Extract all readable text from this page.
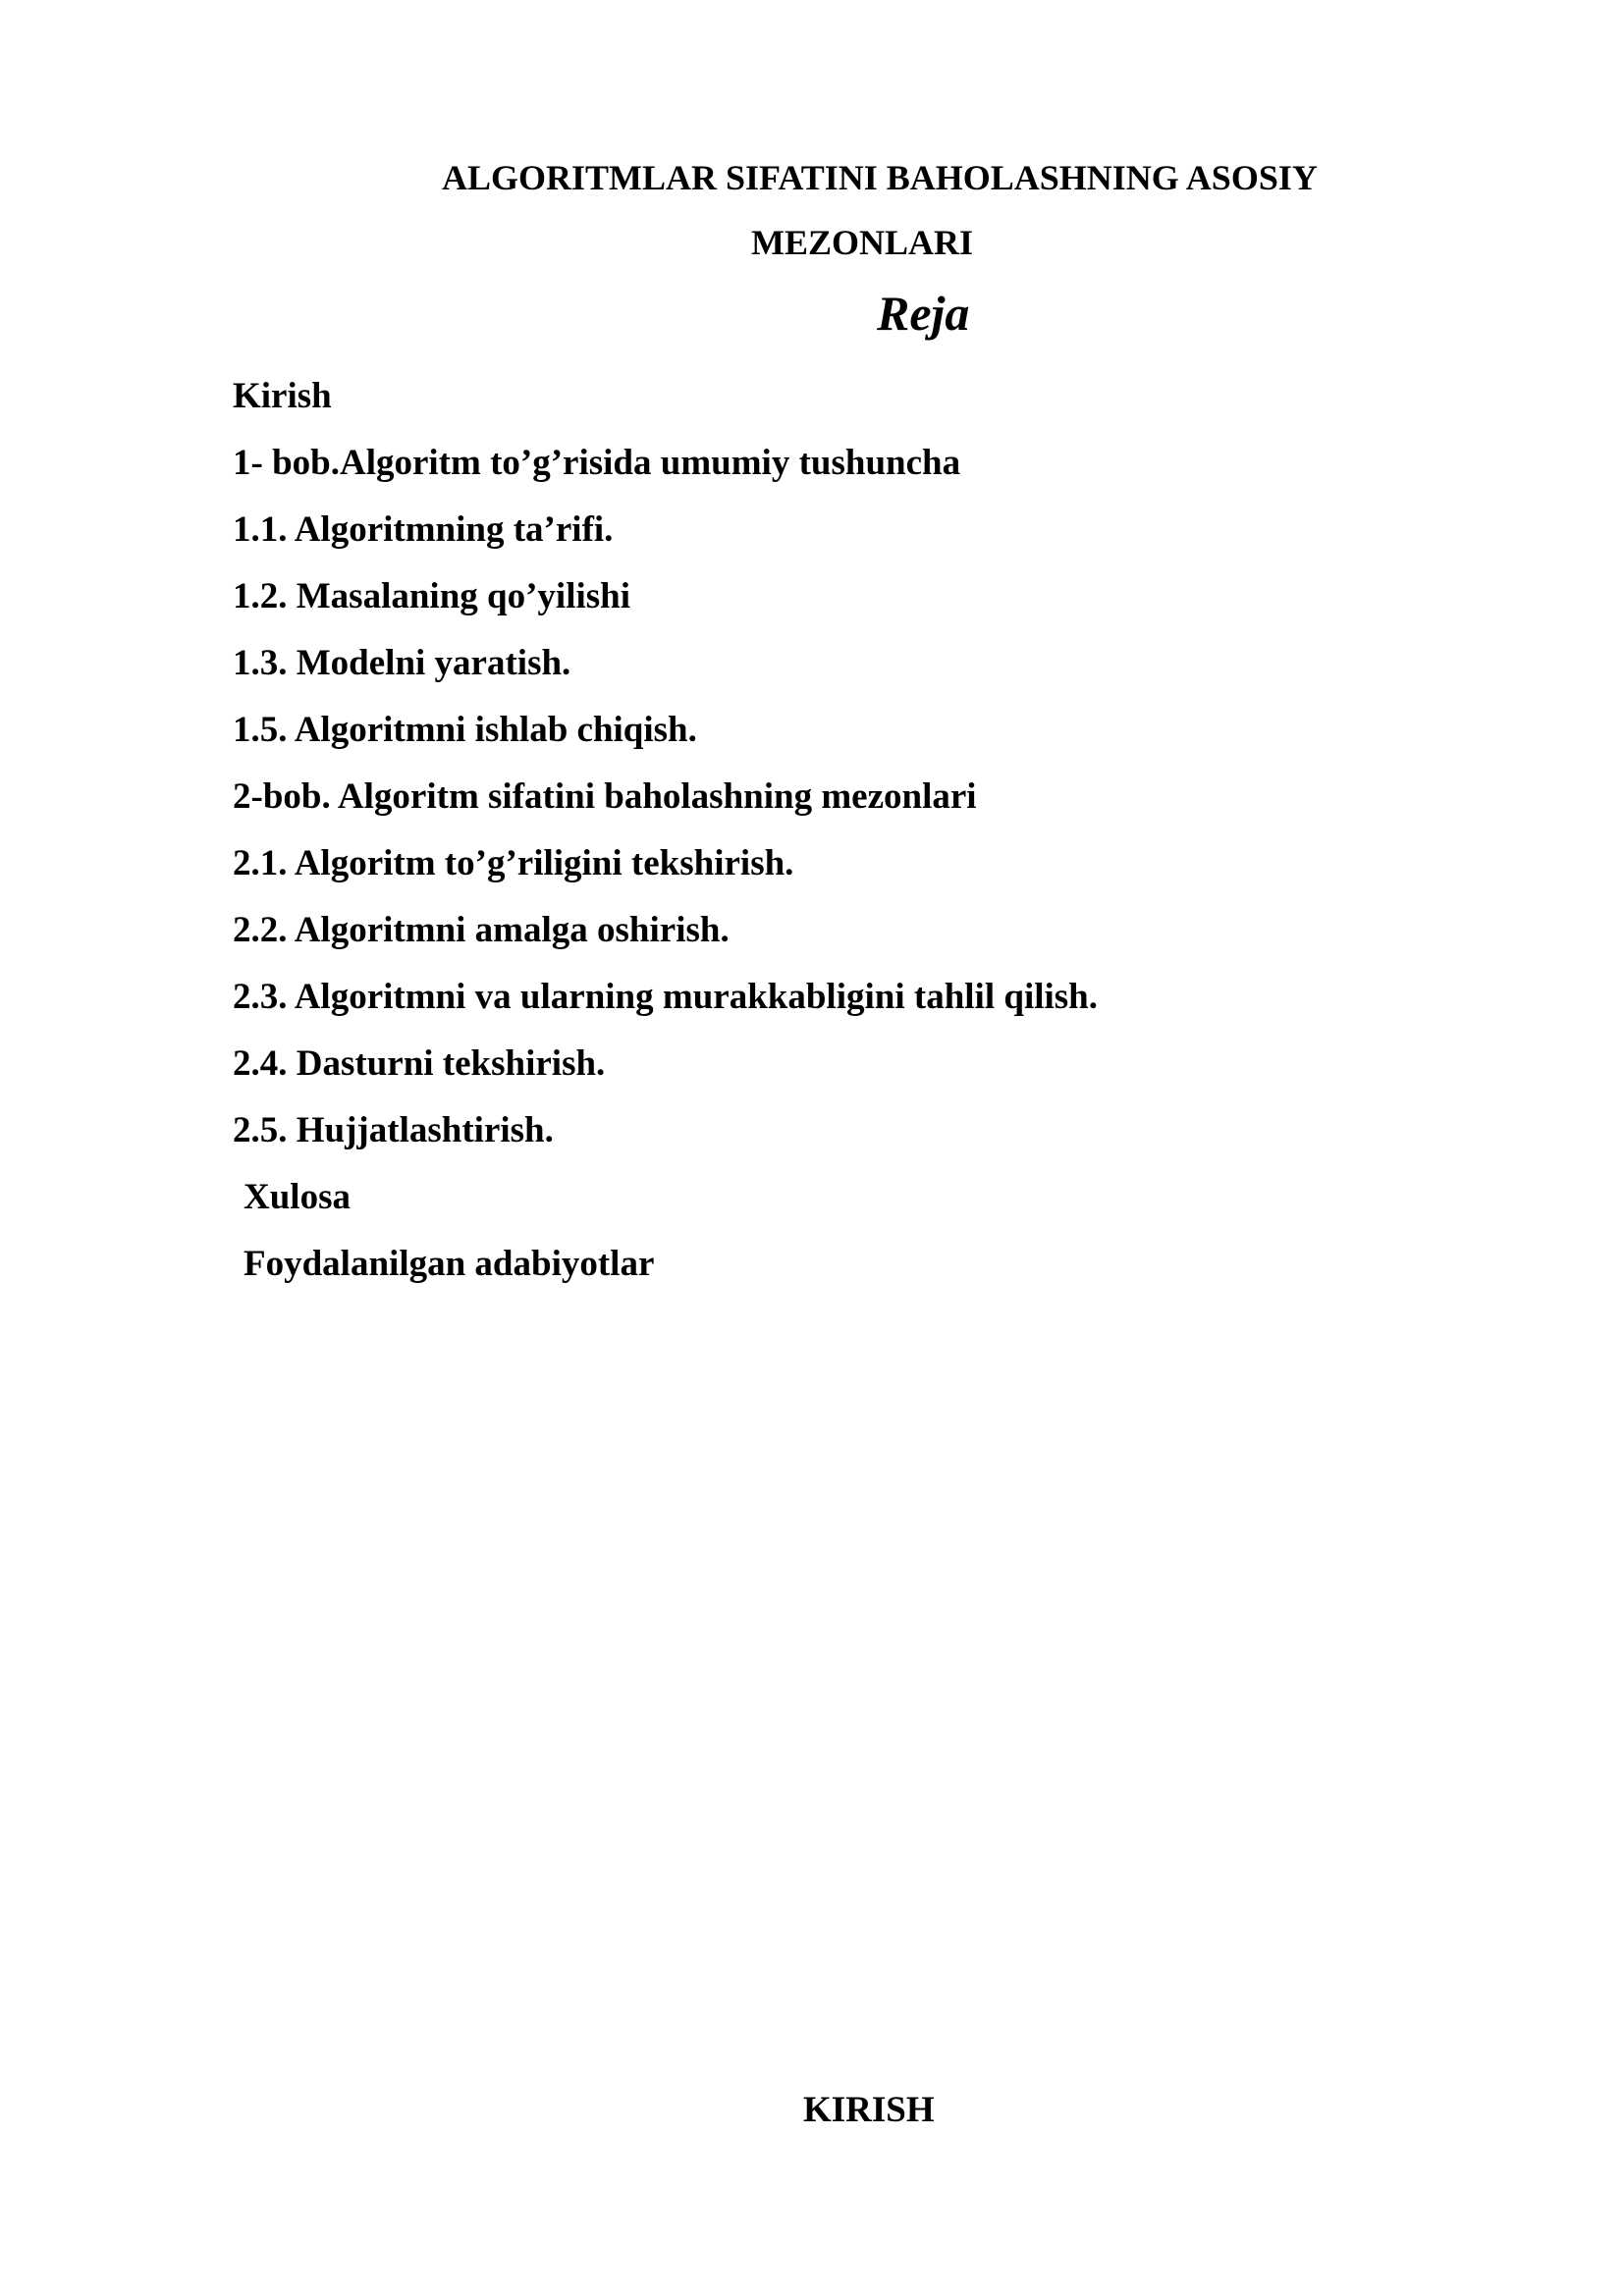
ALGORITMLAR SIFATINI BAHOLASHNING ASOSIY
MEZONLARI
Reja
Kirish
1- bob.Algoritm to’g’risida umumiy tushuncha
1.1. Algoritmning ta’rifi.
1.2. Masalaning qo’yilishi
1.3. Modelni yaratish.
1.5. Algoritmni ishlab chiqish.
2-bob. Algoritm sifatini baholashning mezonlari
2.1. Algoritm to’g’riligini tekshirish.
2.2. Algoritmni amalga oshirish.
2.3. Algoritmni va ularning murakkabligini tahlil qilish.
2.4. Dasturni tekshirish.
2.5. Hujjatlashtirish.
Xulosa
Foydalanilgan adabiyotlar
KIRISH
